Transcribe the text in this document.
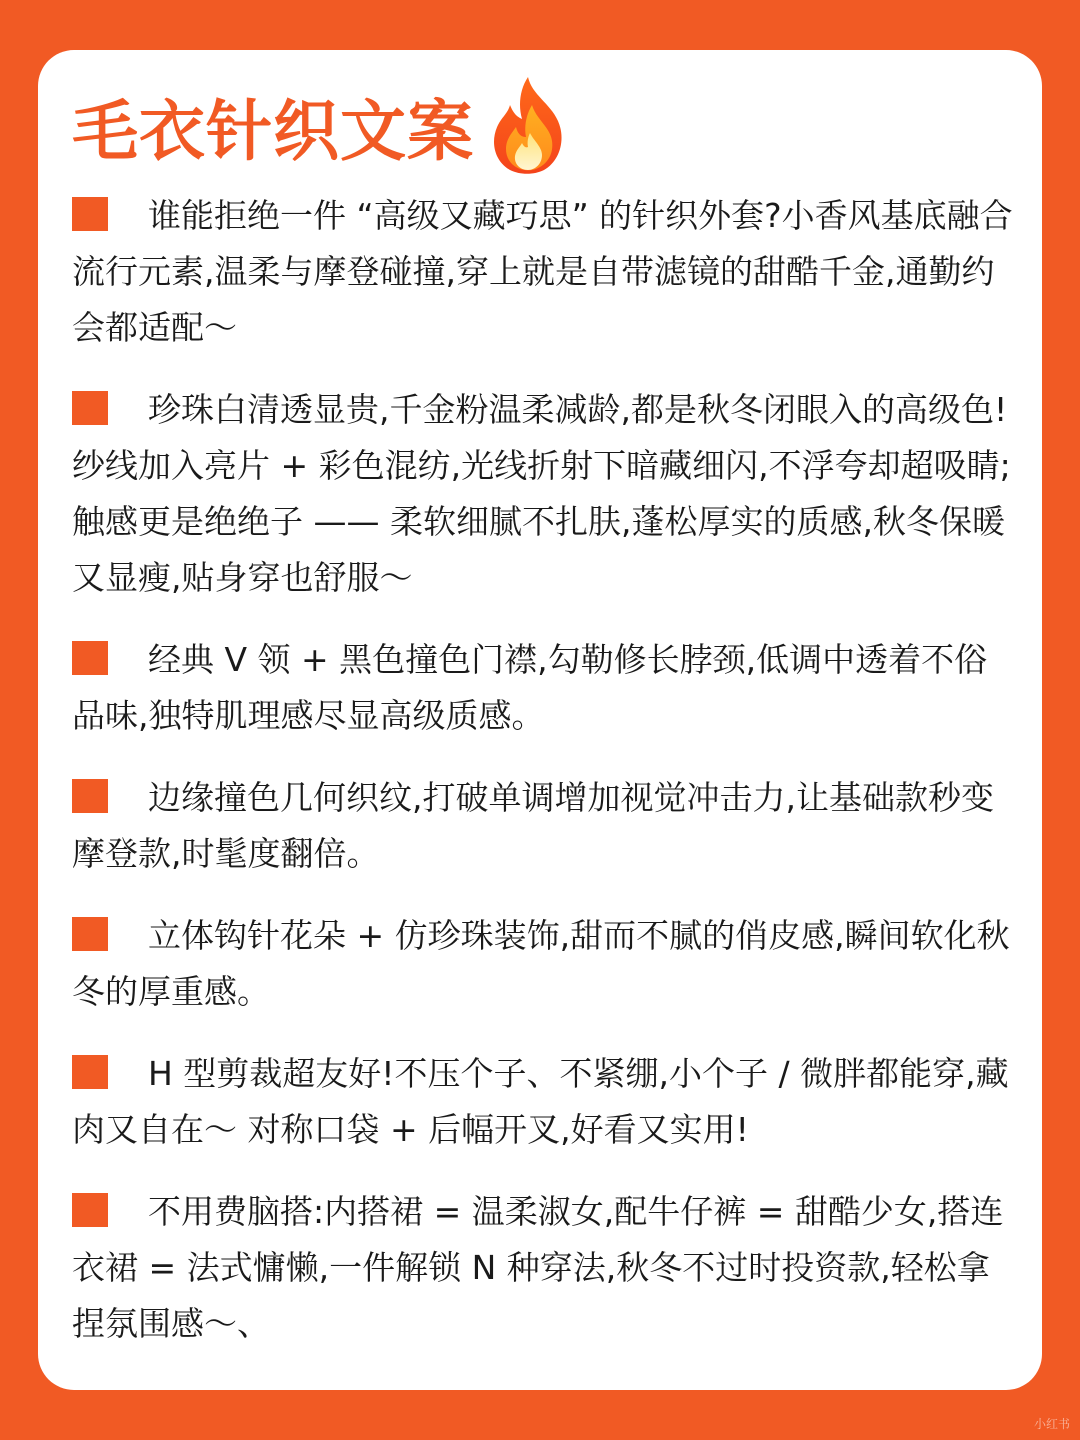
毛衣针织文案

谁能拒绝一件 “高级又藏巧思” 的针织外套?小香风基底融合流行元素,温柔与摩登碰撞,穿上就是自带滤镜的甜酷千金,通勤约会都适配～

珍珠白清透显贵,千金粉温柔减龄,都是秋冬闭眼入的高级色!纱线加入亮片 + 彩色混纺,光线折射下暗藏细闪,不浮夸却超吸睛;触感更是绝绝子 —— 柔软细腻不扎肤,蓬松厚实的质感,秋冬保暖又显瘦,贴身穿也舒服～

经典 V 领 + 黑色撞色门襟,勾勒修长脖颈,低调中透着不俗品味,独特肌理感尽显高级质感。

边缘撞色几何织纹,打破单调增加视觉冲击力,让基础款秒变摩登款,时髦度翻倍。

立体钩针花朵 + 仿珍珠装饰,甜而不腻的俏皮感,瞬间软化秋冬的厚重感。

H 型剪裁超友好!不压个子、不紧绷,小个子 / 微胖都能穿,藏肉又自在～ 对称口袋 + 后幅开叉,好看又实用!

不用费脑搭:内搭裙 = 温柔淑女,配牛仔裤 = 甜酷少女,搭连衣裙 = 法式慵懒,一件解锁 N 种穿法,秋冬不过时投资款,轻松拿捏氛围感～、

小红书
